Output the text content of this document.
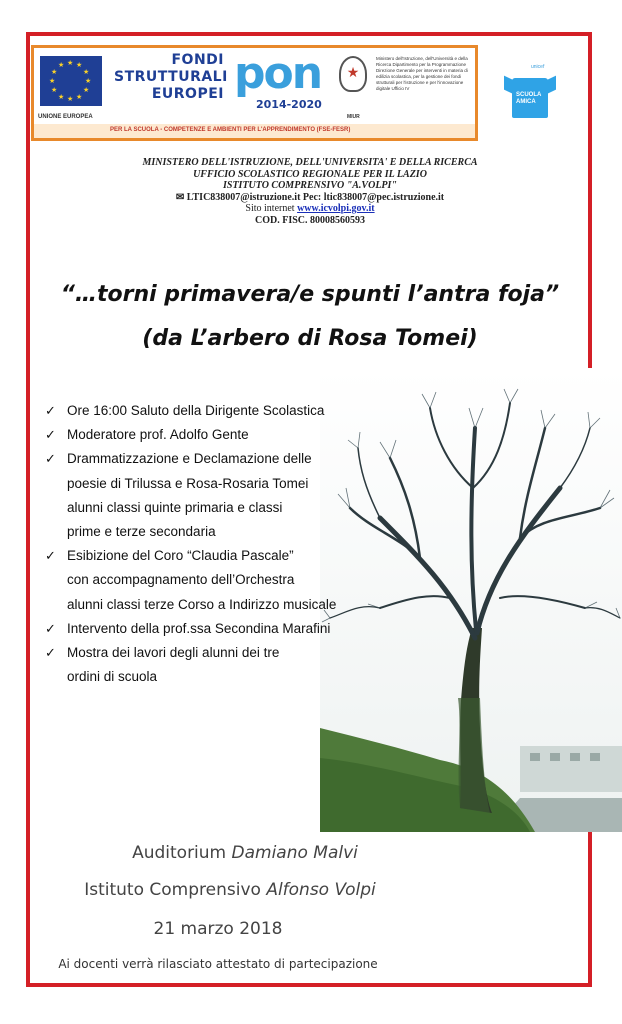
★ ★
★
★
★
★
★
★
★
★
★
★
UNIONE EUROPEA
FONDI
STRUTTURALI
EUROPEI pon
2014-2020
★
Ministero dell'Istruzione, dell'Università e della Ricerca Dipartimento per la Programmazione Direzione Generale per interventi in materia di edilizia scolastica, per la gestione dei fondi strutturali per l'istruzione e per l'innovazione digitale Ufficio IV
MIUR
PER LA SCUOLA - COMPETENZE E AMBIENTI PER L'APPRENDIMENTO (FSE-FESR)
unicef
SCUOLA AMICA
MINISTERO DELL'ISTRUZIONE, DELL'UNIVERSITA' E DELLA RICERCA
UFFICIO SCOLASTICO REGIONALE PER IL LAZIO
ISTITUTO COMPRENSIVO "A.VOLPI"
✉ LTIC838007@istruzione.it Pec: ltic838007@pec.istruzione.it
Sito internet www.icvolpi.gov.it
COD. FISC. 80008560593
“…torni primavera/e spunti l’antra foja”
(da L’arbero di Rosa Tomei)
✓ Ore 16:00 Saluto della Dirigente Scolastica
✓ Moderatore prof. Adolfo Gente
✓ Drammatizzazione e Declamazione delle
poesie di Trilussa e Rosa-Rosaria Tomei
alunni classi quinte primaria e classi
prime e terze secondaria
✓ Esibizione del Coro “Claudia Pascale”
con accompagnamento dell’Orchestra
alunni classi terze Corso a Indirizzo musicale
✓ Intervento della prof.ssa Secondina Marafini
✓ Mostra dei lavori degli alunni dei tre
ordini di scuola
Auditorium Damiano Malvi
Istituto Comprensivo Alfonso Volpi
21 marzo 2018
Ai docenti verrà rilasciato attestato di partecipazione
